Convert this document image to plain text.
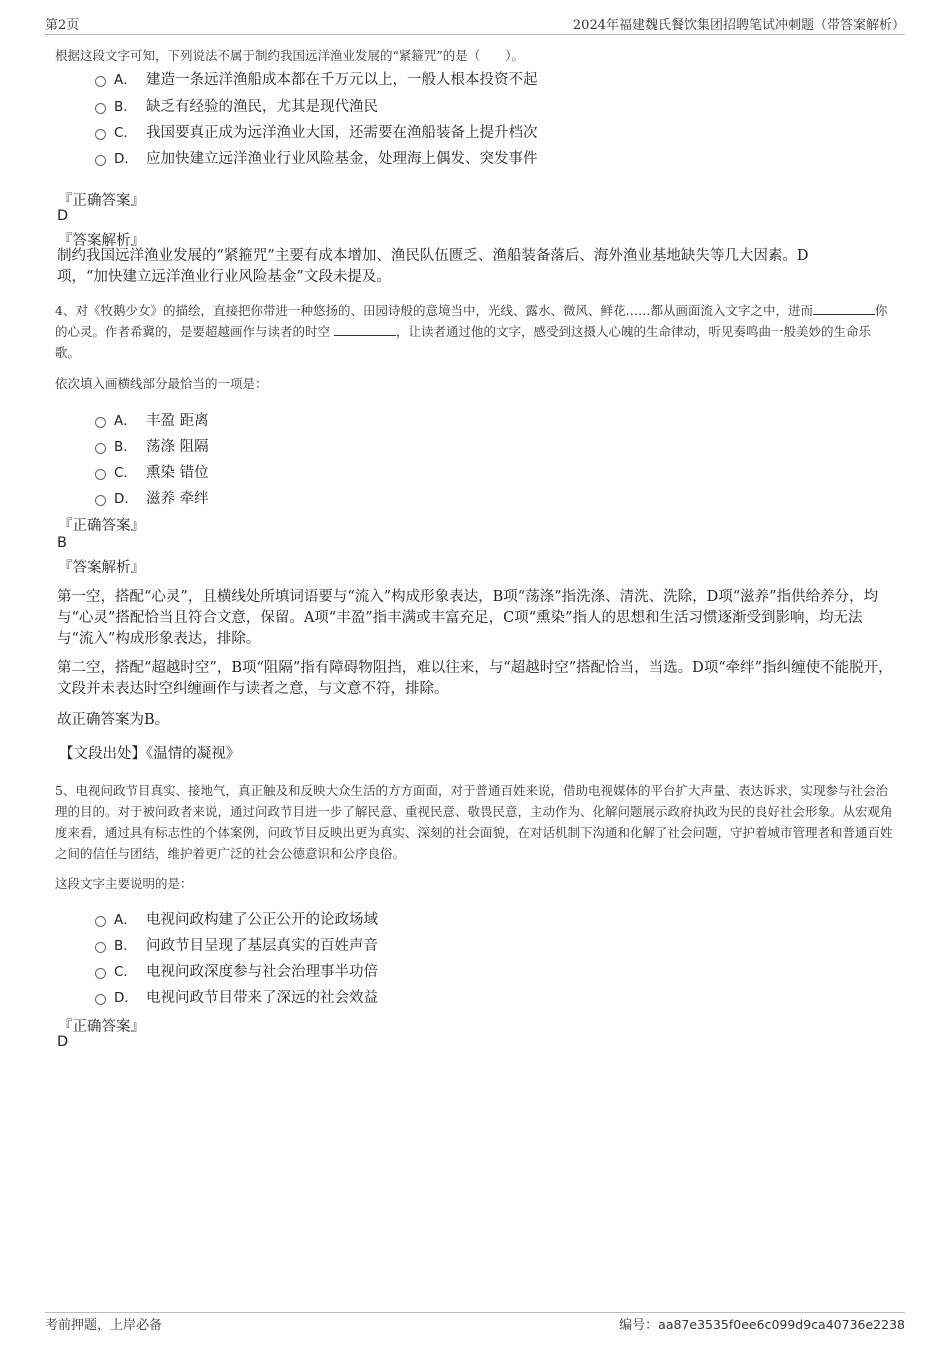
第2页	2024年福建魏氏餐饮集团招聘笔试冲刺题（带答案解析）
根据这段文字可知，下列说法不属于制约我国远洋渔业发展的“紧箍咒”的是（　　）。
A． 建造一条远洋渔船成本都在千万元以上，一般人根本投资不起
B． 缺乏有经验的渔民，尤其是现代渔民
C． 我国要真正成为远洋渔业大国，还需要在渔船装备上提升档次
D． 应加快建立远洋渔业行业风险基金，处理海上偶发、突发事件
『正确答案』
D
『答案解析』
制约我国远洋渔业发展的“紧箍咒”主要有成本增加、渔民队伍匮乏、渔船装备落后、海外渔业基地缺失等几大因素。D项，“加快建立远洋渔业行业风险基金”文段未提及。
4、对《牧鹅少女》的描绘，直接把你带进一种悠扬的、田园诗般的意境当中，光线、露水、微风、鲜花……都从画面流入文字之中，进而	你的心灵。作者希冀的，是要超越画作与读者的时空	，让读者通过他的文字，感受到这摄人心魄的生命律动，听见奏鸣曲一般美妙的生命乐歌。
依次填入画横线部分最恰当的一项是：
A． 丰盈 距离
B． 荡涤 阻隔
C． 熏染 错位
D． 滋养 牵绊
『正确答案』
B
『答案解析』
第一空，搭配“心灵”，且横线处所填词语要与“流入”构成形象表达，B项“荡涤”指洗涤、清洗、洗除，D项“滋养”指供给养分，均与“心灵”搭配恰当且符合文意，保留。A项“丰盈”指丰满或丰富充足，C项“熏染”指人的思想和生活习惯逐渐受到影响，均无法与“流入”构成形象表达，排除。
第二空，搭配“超越时空”，B项“阻隔”指有障碍物阻挡，难以往来，与“超越时空”搭配恰当，当选。D项“牵绊”指纠缠使不能脱开，文段并未表达时空纠缠画作与读者之意，与文意不符，排除。
故正确答案为B。
【文段出处】《温情的凝视》
5、电视问政节目真实、接地气，真正触及和反映大众生活的方方面面，对于普通百姓来说，借助电视媒体的平台扩大声量、表达诉求，实现参与社会治理的目的。对于被问政者来说，通过问政节目进一步了解民意、重视民意、敬畏民意，主动作为、化解问题展示政府执政为民的良好社会形象。从宏观角度来看，通过具有标志性的个体案例，问政节目反映出更为真实、深刻的社会面貌，在对话机制下沟通和化解了社会问题，守护着城市管理者和普通百姓之间的信任与团结，维护着更广泛的社会公德意识和公序良俗。
这段文字主要说明的是：
A． 电视问政构建了公正公开的论政场域
B． 问政节目呈现了基层真实的百姓声音
C． 电视问政深度参与社会治理事半功倍
D． 电视问政节目带来了深远的社会效益
『正确答案』
D
考前押题，上岸必备	编号：aa87e3535f0ee6c099d9ca40736e2238
